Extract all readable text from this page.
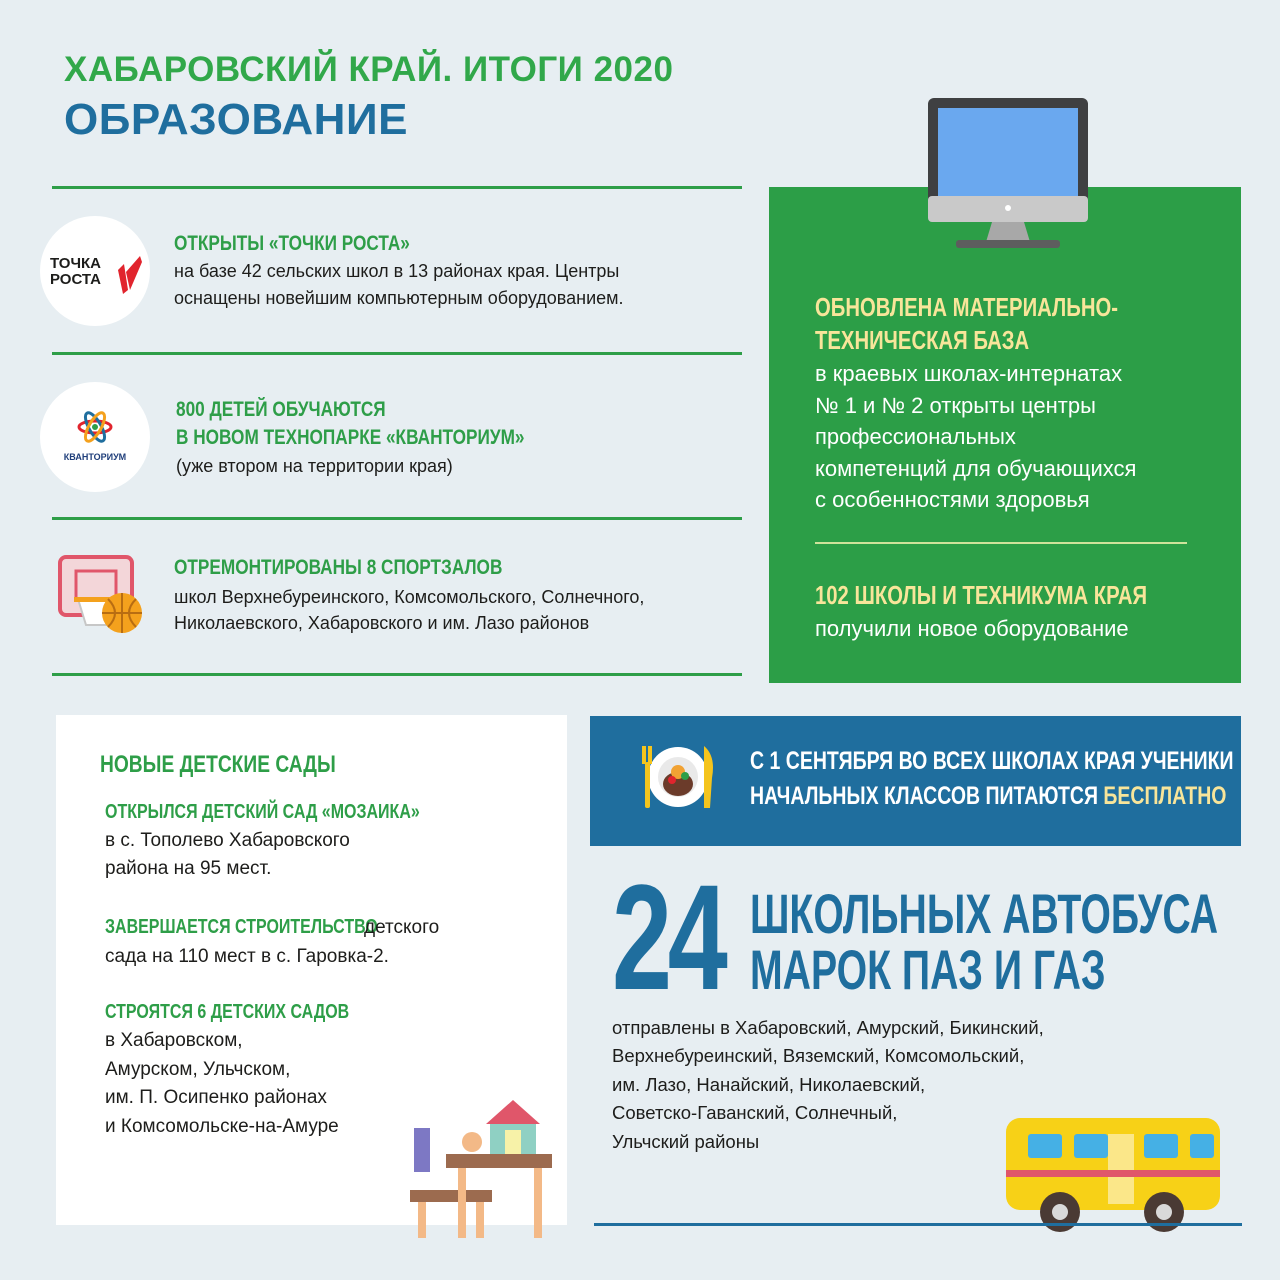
ХАБАРОВСКИЙ КРАЙ. ИТОГИ 2020
ОБРАЗОВАНИЕ
ТОЧКА
РОСТА
ОТКРЫТЫ «ТОЧКИ РОСТА»
на базе 42 сельских школ в 13 районах края. Центры
оснащены новейшим компьютерным оборудованием.
КВАНТОРИУМ
800 ДЕТЕЙ ОБУЧАЮТСЯ
В НОВОМ ТЕХНОПАРКЕ «КВАНТОРИУМ»
(уже втором на территории края)
ОТРЕМОНТИРОВАНЫ 8 СПОРТЗАЛОВ
школ Верхнебуреинского, Комсомольского, Солнечного,
Николаевского, Хабаровского и им. Лазо районов
ОБНОВЛЕНА МАТЕРИАЛЬНО-
ТЕХНИЧЕСКАЯ БАЗА
в краевых школах-интернатах
№ 1 и № 2 открыты центры
профессиональных
компетенций для обучающихся
с особенностями здоровья
102 ШКОЛЫ И ТЕХНИКУМА КРАЯ
получили новое оборудование
НОВЫЕ ДЕТСКИЕ САДЫ
ОТКРЫЛСЯ ДЕТСКИЙ САД «МОЗАИКА»
в с. Тополево Хабаровского
района на 95 мест.
ЗАВЕРШАЕТСЯ СТРОИТЕЛЬСТВО
детского
сада на 110 мест в с. Гаровка-2.
СТРОЯТСЯ 6 ДЕТСКИХ САДОВ
в Хабаровском,
Амурском, Ульчском,
им. П. Осипенко районах
и Комсомольске-на-Амуре
С 1 СЕНТЯБРЯ ВО ВСЕХ ШКОЛАХ КРАЯ УЧЕНИКИ
НАЧАЛЬНЫХ КЛАССОВ ПИТАЮТСЯ БЕСПЛАТНО
24 ШКОЛЬНЫХ АВТОБУСА
МАРОК ПАЗ И ГАЗ
отправлены в Хабаровский, Амурский, Бикинский,
Верхнебуреинский, Вяземский, Комсомольский,
им. Лазо, Нанайский, Николаевский,
Советско-Гаванский, Солнечный,
Ульчский районы
